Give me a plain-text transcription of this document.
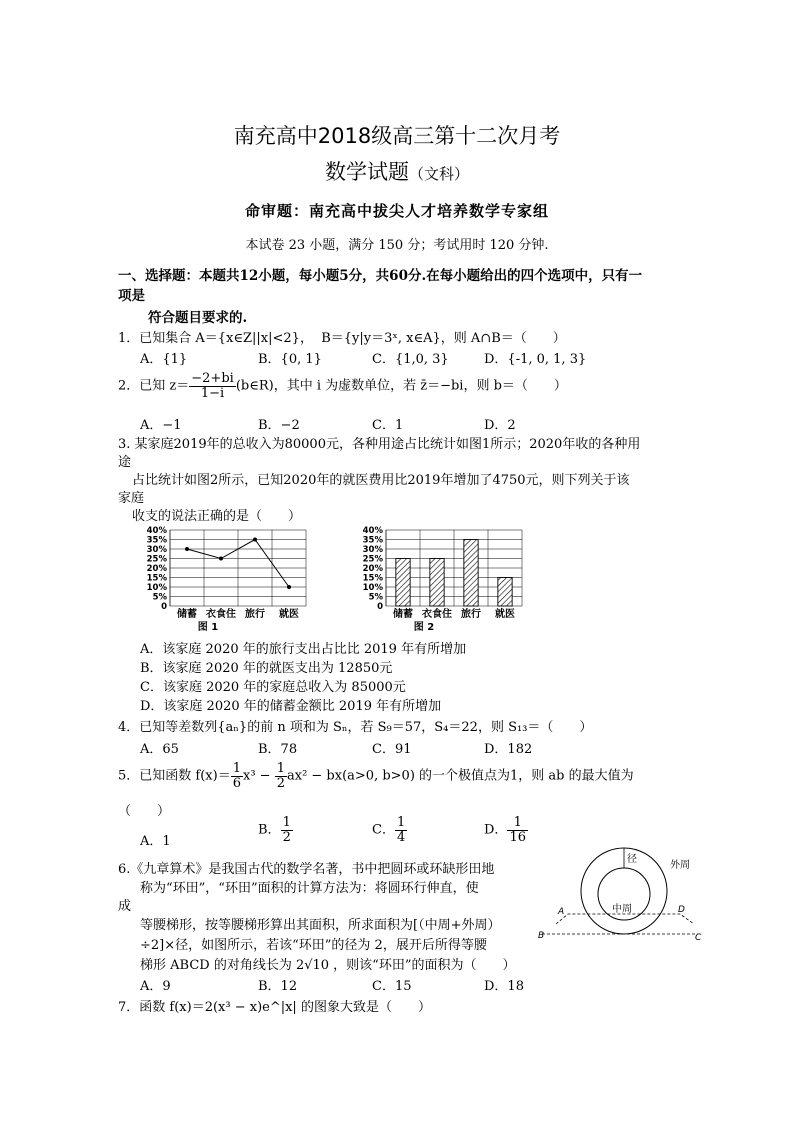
南充高中2018级高三第十二次月考
数学试题（文科）
命审题：南充高中拔尖人才培养数学专家组
本试卷 23 小题，满分 150 分；考试用时 120 分钟.
一、选择题：本题共12小题，每小题5分，共60分.在每小题给出的四个选项中，只有一
项是
符合题目要求的.
1．已知集合 A＝{x∈Z||x|<2}， B＝{y|y＝3ˣ, x∈A}，则 A∩B＝（　　）
A．{1}	B．{0, 1}	C．{1,0, 3}	D．{-1, 0, 1, 3}
2．已知 $z= \frac{-2+bi}{1-i}$ (b∈R)，其中 i 为虚数单位，若 z̄＝−bi，则 b＝（　　）
A．−1	B．−2	C．1	D．2
3. 某家庭2019年的总收入为80000元，各种用途占比统计如图1所示；2020年收的各种用
途
占比统计如图2所示，已知2020年的就医费用比2019年增加了4750元，则下列关于该
家庭
收支的说法正确的是（　　）
0
5%
10%
15%
20%
25%
30%
35%
40%
储蓄 衣食住 旅行 就医
图 1
0
5%
10%
15%
20%
25%
30%
35%
40%
储蓄 衣食住 旅行 就医
图 2
A．该家庭 2020 年的旅行支出占比比 2019 年有所增加
B．该家庭 2020 年的就医支出为 12850元
C．该家庭 2020 年的家庭总收入为 85000元
D．该家庭 2020 年的储蓄金额比 2019 年有所增加
4．已知等差数列{aₙ}的前 n 项和为 Sₙ，若 S₉＝57，S₄＝22，则 S₁₃＝（　　）
A．65	B．78	C．91	D．182
5．已知函数 $f(x)= \frac{1}{6} x^3 - \frac{1}{2} ax^2 - bx(a>0$, b>0) 的一个极值点为1，则 ab 的最大值为
（　　）
A．1
B． $\frac{1}{2}$	C． $\frac{1}{4}$	D． $\frac{1}{16}$
6.《九章算术》是我国古代的数学名著，书中把圆环或环缺形田地
称为“环田”，“环田”面积的计算方法为：将圆环行伸直，使
成
等腰梯形，按等腰梯形算出其面积，所求面积为[（中周+外周）
÷2]×径，如图所示，若该“环田”的径为 2，展开后所得等腰
梯形 ABCD 的对角线长为 2√10 ，则该“环田”的面积为（　　）
A．9	B．12	C．15	D．18
径
外周
中周
A
B	C
D
7．函数 f(x)＝2(x³ − x)e^|x| 的图象大致是（　　）
